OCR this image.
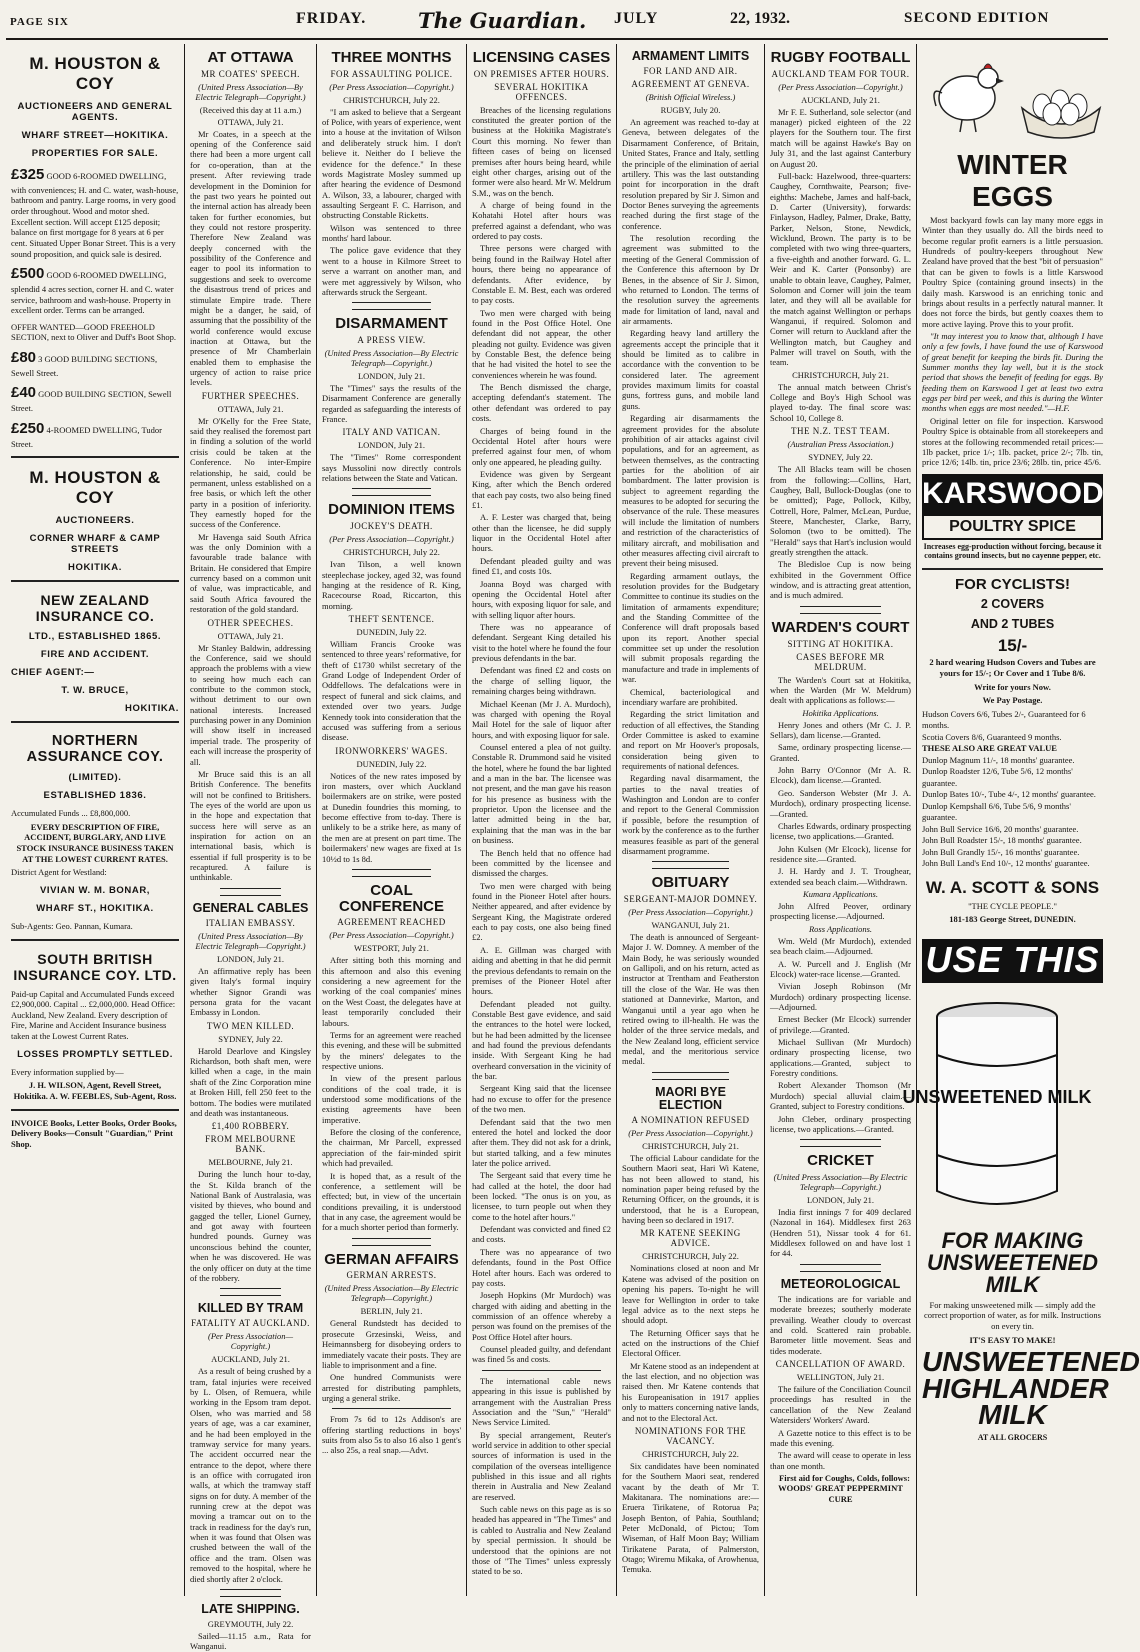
PAGE SIX	FRIDAY. The Guardian. JULY	22, 1932.	SECOND EDITION
M. HOUSTON & COY
AUCTIONEERS AND GENERAL AGENTS.
WHARF STREET—HOKITIKA.
PROPERTIES FOR SALE.
£325 GOOD 6-ROOMED DWELLING, with conveniences; H. and C. water, wash-house, bathroom and pantry. Large rooms, in very good order throughout. Wood and motor shed. Excellent section. Will accept £125 deposit; balance on first mortgage for 8 years at 6 per cent. Situated Upper Bonar Street. This is a very sound proposition, and quick sale is desired.
£500 GOOD 6-ROOMED DWELLING, splendid 4 acres section, corner H. and C. water service, bathroom and wash-house. Property in excellent order. Terms can be arranged.
OFFER WANTED—GOOD FREEHOLD SECTION, next to Oliver and Duff's Boot Shop.
£80 3 GOOD BUILDING SECTIONS, Sewell Street.
£40 GOOD BUILDING SECTION, Sewell Street.
£250 4-ROOMED DWELLING, Tudor Street.
M. HOUSTON & COY
AUCTIONEERS.
CORNER WHARF & CAMP STREETS
HOKITIKA.
NEW ZEALAND INSURANCE CO.
LTD., ESTABLISHED 1865.
FIRE AND ACCIDENT.
CHIEF AGENT:—
T. W. BRUCE,
HOKITIKA.
NORTHERN ASSURANCE COY.
(LIMITED).
ESTABLISHED 1836.
Accumulated Funds ... £8,800,000.
EVERY DESCRIPTION OF FIRE, ACCIDENT, BURGLARY, AND LIVE STOCK INSURANCE BUSINESS TAKEN AT THE LOWEST CURRENT RATES.
District Agent for Westland:
VIVIAN W. M. BONAR,
WHARF ST., HOKITIKA.
Sub-Agents: Geo. Pannan, Kumara.
SOUTH BRITISH INSURANCE COY. LTD.
Paid-up Capital and Accumulated Funds exceed £2,900,000. Capital ... £2,000,000. Head Office: Auckland, New Zealand. Every description of Fire, Marine and Accident Insurance business taken at the Lowest Current Rates.
LOSSES PROMPTLY SETTLED.
Every information supplied by—
J. H. WILSON, Agent, Revell Street, Hokitika. A. W. FEEBLES, Sub-Agent, Ross.
INVOICE Books, Letter Books, Order Books, Delivery Books—Consult "Guardian," Print Shop.
AT OTTAWA
MR COATES' SPEECH.
(United Press Association—By Electric Telegraph—Copyright.)
(Received this day at 11 a.m.)
OTTAWA, July 21.

Mr Coates, in a speech at the opening of the Conference said there had been a more urgent call for co-operation, than at the present. After reviewing trade development in the Dominion for the past two years he pointed out the internal action has already been taken for further economies, but they could not restore prosperity. Therefore New Zealand was deeply concerned with the possibility of the Conference and eager to pool its information to suggestions and seek to overcome the disastrous trend of prices and stimulate Empire trade. There might be a danger, he said, of assuming that the possibility of the world conference would excuse inaction at Ottawa, but the presence of Mr Chamberlain enabled them to emphasise the urgency of action to raise price levels.

FURTHER SPEECHES.
OTTAWA, July 21.

Mr O'Kelly for the Free State, said they realised the foremost part in finding a solution of the world crisis could be taken at the Conference. No inter-Empire relationship, he said, could be permanent, unless established on a free basis, or which left the other party in a position of inferiority. They earnestly hoped for the success of the Conference.

Mr Havenga said South Africa was the only Dominion with a favourable trade balance with Britain. He considered that Empire currency based on a common unit of value, was impracticable, and said South Africa favoured the restoration of the gold standard.

OTHER SPEECHES.
OTTAWA, July 21.

Mr Stanley Baldwin, addressing the Conference, said we should approach the problems with a view to seeing how much each can contribute to the common stock, without detriment to our own national interests. Increased purchasing power in any Dominion will show itself in increased imperial trade. The prosperity of each will increase the prosperity of all.

Mr Bruce said this is an all British Conference. The benefits will not be confined to Britishers. The eyes of the world are upon us in the hope and expectation that success here will serve as an inspiration for action on an international basis, which is essential if full prosperity is to be recaptured. A failure is unthinkable.

GENERAL CABLES
ITALIAN EMBASSY.
(United Press Association—By Electric Telegraph—Copyright.)
LONDON, July 21.

An affirmative reply has been given Italy's formal inquiry whether Signor Grandi was persona grata for the vacant Embassy in London.

TWO MEN KILLED.
SYDNEY, July 22.

Harold Dearlove and Kingsley Richardson, both shaft men, were killed when a cage, in the main shaft of the Zinc Corporation mine at Broken Hill, fell 250 feet to the bottom. The bodies were mutilated and death was instantaneous.

£1,400 ROBBERY.
FROM MELBOURNE BANK.
MELBOURNE, July 21.

During the lunch hour to-day, the St. Kilda branch of the National Bank of Australasia, was visited by thieves, who bound and gagged the teller, Lionel Gurney, and got away with fourteen hundred pounds. Gurney was unconscious behind the counter, when he was discovered. He was the only officer on duty at the time of the robbery.

KILLED BY TRAM
FATALITY AT AUCKLAND.
(Per Press Association—Copyright.)
AUCKLAND, July 21.

As a result of being crushed by a tram, fatal injuries were received by L. Olsen, of Remuera, while working in the Epsom tram depot. Olsen, who was married and 58 years of age, was a car examiner, and he had been employed in the tramway service for many years. The accident occurred near the entrance to the depot, where there is an office with corrugated iron walls, at which the tramway staff signs on for duty. A member of the running crew at the depot was moving a tramcar out on to the track in readiness for the day's run, when it was found that Olsen was crushed between the wall of the office and the tram. Olsen was removed to the hospital, where he died shortly after 2 o'clock.

LATE SHIPPING.
GREYMOUTH, July 22.

Sailed—11.15 a.m., Rata for Wanganui.

THREE MONTHS
FOR ASSAULTING POLICE.
(Per Press Association—Copyright.)
CHRISTCHURCH, July 22.

"I am asked to believe that a Sergeant of Police, with years of experience, went into a house at the invitation of Wilson and deliberately struck him. I don't believe it. Neither do I believe the evidence for the defence." In these words Magistrate Mosley summed up after hearing the evidence of Desmond A. Wilson, 33, a labourer, charged with assaulting Sergeant F. C. Harrison, and obstructing Constable Ricketts.

Wilson was sentenced to three months' hard labour.

The police gave evidence that they went to a house in Kilmore Street to serve a warrant on another man, and were met aggressively by Wilson, who afterwards struck the Sergeant.

DISARMAMENT
A PRESS VIEW.
(United Press Association—By Electric Telegraph—Copyright.)
LONDON, July 21.

The "Times" says the results of the Disarmament Conference are generally regarded as safeguarding the interests of France.

ITALY AND VATICAN.
LONDON, July 21.

The "Times" Rome correspondent says Mussolini now directly controls relations between the State and Vatican.

DOMINION ITEMS
JOCKEY'S DEATH.
(Per Press Association—Copyright.)
CHRISTCHURCH, July 22.

Ivan Tilson, a well known steeplechase jockey, aged 32, was found hanging at the residence of R. King, Racecourse Road, Riccarton, this morning.

THEFT SENTENCE.
DUNEDIN, July 22.

William Francis Crooke was sentenced to three years' reformative, for theft of £1730 whilst secretary of the Grand Lodge of Independent Order of Oddfellows. The defalcations were in respect of funeral and sick claims, and extended over two years. Judge Kennedy took into consideration that the accused was suffering from a serious disease.

IRONWORKERS' WAGES.
DUNEDIN, July 22.

Notices of the new rates imposed by iron masters, over which Auckland boilermakers are on strike, were posted at Dunedin foundries this morning, to become effective from to-day. There is unlikely to be a strike here, as many of the men are at present on part time. The boilermakers' new wages are fixed at 1s 10½d to 1s 8d.

COAL CONFERENCE
AGREEMENT REACHED
(Per Press Association—Copyright.)
WESTPORT, July 21.

After sitting both this morning and this afternoon and also this evening considering a new agreement for the working of the coal companies' mines on the West Coast, the delegates have at least temporarily concluded their labours.

Terms for an agreement were reached this evening, and these will be submitted by the miners' delegates to the respective unions.

In view of the present parlous conditions of the coal trade, it is understood some modifications of the existing agreements have been imperative.

Before the closing of the conference, the chairman, Mr Parcell, expressed appreciation of the fair-minded spirit which had prevailed.

It is hoped that, as a result of the conference, a settlement will be effected; but, in view of the uncertain conditions prevailing, it is understood that in any case, the agreement would be for a much shorter period than formerly.

GERMAN AFFAIRS
GERMAN ARRESTS.
(United Press Association—By Electric Telegraph—Copyright.)
BERLIN, July 21.

General Rundstedt has decided to prosecute Grzesinski, Weiss, and Heimannsberg for disobeying orders to immediately vacate their posts. They are liable to imprisonment and a fine.

One hundred Communists were arrested for distributing pamphlets, urging a general strike.

From 7s 6d to 12s Addison's are offering startling reductions in boys' suits from also 5s to also 16 also 1 gent's ... also 25s, a real snap.—Advt.

LICENSING CASES
ON PREMISES AFTER HOURS.
SEVERAL HOKITIKA OFFENCES.

Breaches of the licensing regulations constituted the greater portion of the business at the Hokitika Magistrate's Court this morning. No fewer than fifteen cases of being on licensed premises after hours being heard, while eight other charges, arising out of the former were also heard. Mr W. Meldrum S.M., was on the bench.

A charge of being found in the Kohatahi Hotel after hours was preferred against a defendant, who was ordered to pay costs.

Three persons were charged with being found in the Railway Hotel after hours, there being no appearance of defendants. After evidence, by Constable E. M. Best, each was ordered to pay costs.

Two men were charged with being found in the Post Office Hotel. One defendant did not appear, the other pleading not guilty. Evidence was given by Constable Best, the defence being that he had visited the hotel to see the conveniences wherein he was found.

The Bench dismissed the charge, accepting defendant's statement. The other defendant was ordered to pay costs.

Charges of being found in the Occidental Hotel after hours were preferred against four men, of whom only one appeared, he pleading guilty.

Evidence was given by Sergeant King, after which the Bench ordered that each pay costs, two also being fined £1.

A. F. Lester was charged that, being other than the licensee, he did supply liquor in the Occidental Hotel after hours.

Defendant pleaded guilty and was fined £1, and costs 10s.

Joanna Boyd was charged with opening the Occidental Hotel after hours, with exposing liquor for sale, and with selling liquor after hours.

There was no appearance of defendant. Sergeant King detailed his visit to the hotel where he found the four previous defendants in the bar.

Defendant was fined £2 and costs on the charge of selling liquor, the remaining charges being withdrawn.

Michael Keenan (Mr J. A. Murdoch), was charged with opening the Royal Mail Hotel for the sale of liquor after hours, and with exposing liquor for sale.

Counsel entered a plea of not guilty. Constable R. Drummond said he visited the hotel, where he found the bar lighted and a man in the bar. The licensee was not present, and the man gave his reason for his presence as business with the proprietor. Upon the licensee and the latter admitted being in the bar, explaining that the man was in the bar on business.

The Bench held that no offence had been committed by the licensee and dismissed the charges.

Two men were charged with being found in the Pioneer Hotel after hours. Neither appeared, and after evidence by Sergeant King, the Magistrate ordered each to pay costs, one also being fined £2.

A. E. Gillman was charged with aiding and abetting in that he did permit the previous defendants to remain on the premises of the Pioneer Hotel after hours.

Defendant pleaded not guilty. Constable Best gave evidence, and said the entrances to the hotel were locked, but he had been admitted by the licensee and had found the previous defendants inside. With Sergeant King he had overheard conversation in the vicinity of the bar.

Sergeant King said that the licensee had no excuse to offer for the presence of the two men.

Defendant said that the two men entered the hotel and locked the door after them. They did not ask for a drink, but started talking, and a few minutes later the police arrived.

The Sergeant said that every time he had called at the hotel, the door had been locked. "The onus is on you, as licensee, to turn people out when they come to the hotel after hours."

Defendant was convicted and fined £2 and costs.

There was no appearance of two defendants, found in the Post Office Hotel after hours. Each was ordered to pay costs.

Joseph Hopkins (Mr Murdoch) was charged with aiding and abetting in the commission of an offence whereby a person was found on the premises of the Post Office Hotel after hours.

Counsel pleaded guilty, and defendant was fined 5s and costs.

The international cable news appearing in this issue is published by arrangement with the Australian Press Association and the "Sun," "Herald" News Service Limited.

By special arrangement, Reuter's world service in addition to other special sources of information is used in the compilation of the overseas intelligence published in this issue and all rights therein in Australia and New Zealand are reserved.

Such cable news on this page as is so headed has appeared in "The Times" and is cabled to Australia and New Zealand by special permission. It should be understood that the opinions are not those of "The Times" unless expressly stated to be so.

ARMAMENT LIMITS
FOR LAND AND AIR.
AGREEMENT AT GENEVA.
(British Official Wireless.)
RUGBY, July 20.

An agreement was reached to-day at Geneva, between delegates of the Disarmament Conference, of Britain, United States, France and Italy, settling the principle of the elimination of aerial artillery. This was the last outstanding point for incorporation in the draft resolution prepared by Sir J. Simon and Doctor Benes surveying the agreements reached during the first stage of the conference.

The resolution recording the agreement was submitted to the meeting of the General Commission of the Conference this afternoon by Dr Benes, in the absence of Sir J. Simon, who returned to London. The terms of the resolution survey the agreements made for limitation of land, naval and air armaments.

Regarding heavy land artillery the agreements accept the principle that it should be limited as to calibre in accordance with the convention to be considered later. The agreement provides maximum limits for coastal guns, fortress guns, and mobile land guns.

Regarding air disarmaments the agreement provides for the absolute prohibition of air attacks against civil populations, and for an agreement, as between themselves, as the contracting parties for the abolition of air bombardment. The latter provision is subject to agreement regarding the measures to be adopted for securing the observance of the rule. These measures will include the limitation of numbers and restriction of the characteristics of military aircraft, and mobilisation and other measures affecting civil aircraft to prevent their being misused.

Regarding armament outlays, the resolution provides for the Budgetary Committee to continue its studies on the limitation of armaments expenditure; and the Standing Committee of the Conference will draft proposals based upon its report. Another special committee set up under the resolution will submit proposals regarding the manufacture and trade in implements of war.

Chemical, bacteriological and incendiary warfare are prohibited.

Regarding the strict limitation and reduction of all effectives, the Standing Order Committee is asked to examine and report on Mr Hoover's proposals, consideration being given to requirements of national defences.

Regarding naval disarmament, the parties to the naval treaties of Washington and London are to confer and report to the General Commission if possible, before the resumption of work by the conference as to the further measures feasible as part of the general disarmament programme.

OBITUARY
SERGEANT-MAJOR DOMNEY.
(Per Press Association—Copyright.)
WANGANUI, July 21.

The death is announced of Sergeant-Major J. W. Domney. A member of the Main Body, he was seriously wounded on Gallipoli, and on his return, acted as instructor at Trentham and Featherston till the close of the War. He was then stationed at Dannevirke, Marton, and Wanganui until a year ago when he retired owing to ill-health. He was the holder of the three service medals, and the New Zealand long, efficient service medal, and the meritorious service medal.

MAORI BYE ELECTION
A NOMINATION REFUSED
(Per Press Association—Copyright.)
CHRISTCHURCH, July 21.

The official Labour candidate for the Southern Maori seat, Hari Wi Katene, has not been allowed to stand, his nomination paper being refused by the Returning Officer, on the grounds, it is understood, that he is a European, having been so declared in 1917.

MR KATENE SEEKING ADVICE.
CHRISTCHURCH, July 22.

Nominations closed at noon and Mr Katene was advised of the position on opening his papers. To-night he will leave for Wellington in order to take legal advice as to the next steps he should adopt.

The Returning Officer says that he acted on the instructions of the Chief Electoral Officer.

Mr Katene stood as an independent at the last election, and no objection was raised then. Mr Katene contends that his Europeanisation in 1917 applies only to matters concerning native lands, and not to the Electoral Act.

NOMINATIONS FOR THE VACANCY.
CHRISTCHURCH, July 22.

Six candidates have been nominated for the Southern Maori seat, rendered vacant by the death of Mr T. Makitanara. The nominations are:—Eruera Tirikatene, of Rotorua Pa; Joseph Benton, of Pahia, Southland; Peter McDonald, of Pictou; Tom Wiseman, of Half Moon Bay; William Tirikatene Parata, of Palmerston, Otago; Wiremu Mikaka, of Arowhenua, Temuka.

RUGBY FOOTBALL
AUCKLAND TEAM FOR TOUR.
(Per Press Association—Copyright.)
AUCKLAND, July 21.

Mr F. E. Sutherland, sole selector (and manager) picked eighteen of the 22 players for the Southern tour. The first match will be against Hawke's Bay on July 31, and the last against Canterbury on August 20.

Full-back: Hazelwood, three-quarters: Caughey, Cornthwaite, Pearson; five-eighths: Machebe, James and half-back, D. Carter (University), forwards: Finlayson, Hadley, Palmer, Drake, Batty, Parker, Nelson, Stone, Newdick, Wicklund, Brown. The party is to be completed with two wing three-quarters, a five-eighth and another forward. G. L. Weir and K. Carter (Ponsonby) are unable to obtain leave, Caughey, Palmer, Solomon and Corner will join the team later, and they will all be available for the match against Wellington or perhaps Wanganui, if required. Solomon and Corner will return to Auckland after the Wellington match, but Caughey and Palmer will travel on South, with the team.

CHRISTCHURCH, July 21.

The annual match between Christ's College and Boy's High School was played to-day. The final score was: School 10, College 8.

THE N.Z. TEST TEAM.
(Australian Press Association.)
SYDNEY, July 22.

The All Blacks team will be chosen from the following:—Collins, Hart, Caughey, Ball, Bullock-Douglas (one to be omitted); Page, Pollock, Kilby, Cottrell, Hore, Palmer, McLean, Purdue, Steere, Manchester, Clarke, Barry, Solomon (two to be omitted). The "Herald" says that Hart's inclusion would greatly strengthen the attack.

The Bledisloe Cup is now being exhibited in the Government Office window, and is attracting great attention, and is much admired.

WARDEN'S COURT
SITTING AT HOKITIKA.
CASES BEFORE MR MELDRUM.

The Warden's Court sat at Hokitika, when the Warden (Mr W. Meldrum) dealt with applications as follows:—

Hokitika Applications.

Henry Jones and others (Mr C. J. P. Sellars), dam license.—Granted.

Same, ordinary prospecting license.—Granted.

John Barry O'Connor (Mr A. R. Elcock), dam license.—Granted.

Geo. Sanderson Webster (Mr J. A. Murdoch), ordinary prospecting license.—Granted.

Charles Edwards, ordinary prospecting license, two applications.—Granted.

John Kulsen (Mr Elcock), license for residence site.—Granted.

J. H. Hardy and J. T. Troughear, extended sea beach claim.—Withdrawn.

Kumara Applications.

John Alfred Peover, ordinary prospecting license.—Adjourned.

Ross Applications.

Wm. Weld (Mr Murdoch), extended sea beach claim.—Adjourned.

A. W. Purcell and J. English (Mr Elcock) water-race license.—Granted.

Vivian Joseph Robinson (Mr Murdoch) ordinary prospecting license.—Adjourned.

Ernest Becker (Mr Elcock) surrender of privilege.—Granted.

Michael Sullivan (Mr Murdoch) ordinary prospecting license, two applications.—Granted, subject to Forestry conditions.

Robert Alexander Thomson (Mr Murdoch) special alluvial claim.—Granted, subject to Forestry conditions.

John Cleber, ordinary prospecting license, two applications.—Granted.

CRICKET
(United Press Association—By Electric Telegraph—Copyright.)
LONDON, July 21.

India first innings 7 for 409 declared (Nazonal in 164). Middlesex first 263 (Hendren 51), Nissar took 4 for 61. Middlesex followed on and have lost 1 for 44.

METEOROLOGICAL

The indications are for variable and moderate breezes; southerly moderate prevailing. Weather cloudy to overcast and cold. Scattered rain probable. Barometer little movement. Seas and tides moderate.

CANCELLATION OF AWARD.
WELLINGTON, July 21.

The failure of the Conciliation Council proceedings has resulted in the cancellation of the New Zealand Watersiders' Workers' Award.

A Gazette notice to this effect is to be made this evening.

The award will cease to operate in less than one month.

First aid for Coughs, Colds, follows: WOODS' GREAT PEPPERMINT CURE

WINTER EGGS

Most backyard fowls can lay many more eggs in Winter than they usually do. All the birds need to become regular profit earners is a little persuasion. Hundreds of poultry-keepers throughout New Zealand have proved that the best "bit of persuasion" that can be given to fowls is a little Karswood Poultry Spice (containing ground insects) in the daily mash. Karswood is an enriching tonic and brings about results in a perfectly natural manner. It does not force the birds, but gently coaxes them to more active laying. Prove this to your profit.

"It may interest you to know that, although I have only a few fowls, I have found the use of Karswood of great benefit for keeping the birds fit. During the Summer months they lay well, but it is the stock period that shows the benefit of feeding for eggs. By feeding them on Karswood I get at least two extra eggs per bird per week, and this is during the Winter months when eggs are most needed."—H.F.

Original letter on file for inspection. Karswood Poultry Spice is obtainable from all storekeepers and stores at the following recommended retail prices:—1lb packet, price 1/-; 1lb. packet, price 2/-; 7lb. tin, price 12/6; 14lb. tin, price 23/6; 28lb. tin, price 45/6.

KARSWOOD
POULTRY SPICE
Increases egg-production without forcing, because it contains ground insects, but no cayenne pepper, etc.
FOR CYCLISTS!
2 COVERS
AND 2 TUBES
15/-
2 hard wearing Hudson Covers and Tubes are yours for 15/-; Or Cover and 1 Tube 8/6.
Write for yours Now.
We Pay Postage.

Hudson Covers 6/6, Tubes 2/-, Guaranteed for 6 months.

Scotia Covers 8/6, Guaranteed 9 months.

THESE ALSO ARE GREAT VALUE

Dunlop Magnum 11/-, 18 months' guarantee.

Dunlop Roadster 12/6, Tube 5/6, 12 months' guarantee.

Dunlop Bates 10/-, Tube 4/-, 12 months' guarantee.

Dunlop Kempshall 6/6, Tube 5/6, 9 months' guarantee.

John Bull Service 16/6, 20 months' guarantee.

John Bull Roadster 15/-, 18 months' guarantee.

John Bull Grandly 15/-, 16 months' guarantee.

John Bull Land's End 10/-, 12 months' guarantee.

W. A. SCOTT & SONS
"THE CYCLE PEOPLE."
181-183 George Street, DUNEDIN.
USE THIS
UNSWEETENED MILK
FOR MAKING UNSWEETENED MILK
For making unsweetened milk — simply add the correct proportion of water, as for milk. Instructions on every tin.
IT'S EASY TO MAKE!
UNSWEETENED HIGHLANDER MILK
AT ALL GROCERS
